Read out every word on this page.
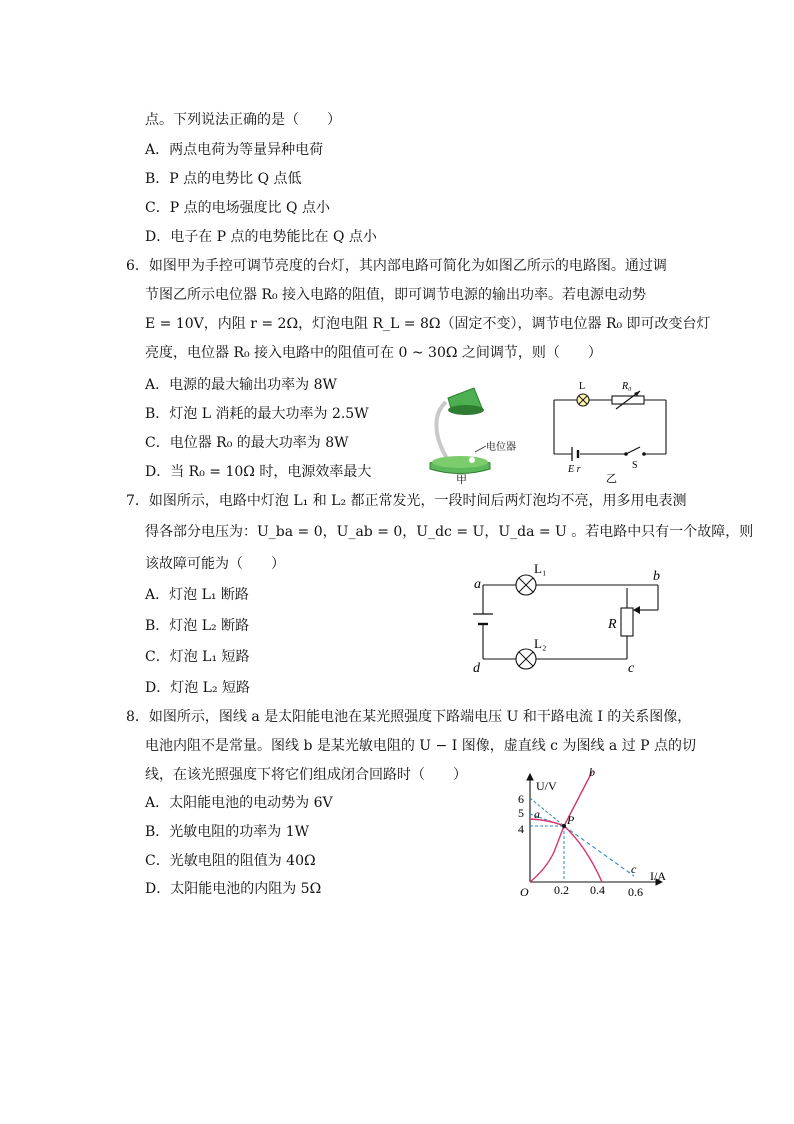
点。下列说法正确的是（　　）
A．两点电荷为等量异种电荷
B．P 点的电势比 Q 点低
C．P 点的电场强度比 Q 点小
D．电子在 P 点的电势能比在 Q 点小
6．如图甲为手控可调节亮度的台灯，其内部电路可简化为如图乙所示的电路图。通过调
节图乙所示电位器 R₀ 接入电路的阻值，即可调节电源的输出功率。若电源电动势
E = 10V，内阻 r = 2Ω，灯泡电阻 R_L = 8Ω（固定不变），调节电位器 R₀ 即可改变台灯
亮度，电位器 R₀ 接入电路中的阻值可在 0 ~ 30Ω 之间调节，则（　　）
A．电源的最大输出功率为 8W
B．灯泡 L 消耗的最大功率为 2.5W
C．电位器 R₀ 的最大功率为 8W
D．当 R₀ = 10Ω 时，电源效率最大
电位器
甲
L	R₀
E r	S
乙
7．如图所示，电路中灯泡 L₁ 和 L₂ 都正常发光，一段时间后两灯泡均不亮，用多用电表测
得各部分电压为：U_ba = 0，U_ab = 0，U_dc = U，U_da = U 。若电路中只有一个故障，则
该故障可能为（　　）
A．灯泡 L₁ 断路
B．灯泡 L₂ 断路
C．灯泡 L₁ 短路
D．灯泡 L₂ 短路
a
b
c
d
L₁
L₂
R
8．如图所示，图线 a 是太阳能电池在某光照强度下路端电压 U 和干路电流 I 的关系图像，
电池内阻不是常量。图线 b 是某光敏电阻的 U − I 图像，虚直线 c 为图线 a 过 P 点的切
线，在该光照强度下将它们组成闭合回路时（　　）
A．太阳能电池的电动势为 6V
B．光敏电阻的功率为 1W
C．光敏电阻的阻值为 40Ω
D．太阳能电池的内阻为 5Ω
U/V
I/A
O
6
5
4
0.2 0.4 0.6
a
b
c
P
